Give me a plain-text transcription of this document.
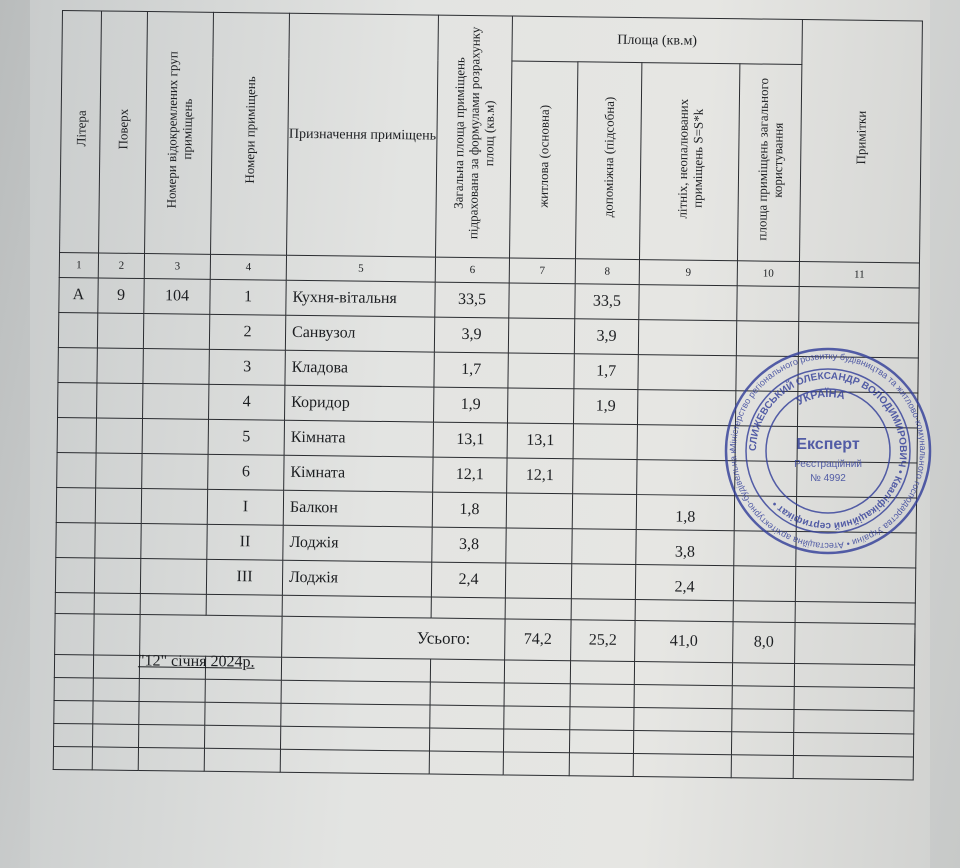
Літера	Поверх	Номери відокремлених груп приміщень	Номери приміщень	Призначення приміщень	Загальна площа приміщень підрахована за формулами розрахунку площ (кв.м)	Площа (кв.м)				Примітки	
						житлова (основна)	допоміжна (підсобна)	літніх, неопалюваних приміщень S=S*k	площа приміщень загального користування		
1	2	3	4	5	6	7	8	9	10	11	
А	9	104	1	Кухня-вітальня	33,5		33,5				
			2	Санвузол	3,9		3,9				
			3	Кладова	1,7		1,7				
			4	Коридор	1,9		1,9				
			5	Кімната	13,1	13,1					
			6	Кімната	12,1	12,1					
			I	Балкон	1,8			1,8			
			II	Лоджія	3,8			3,8			
			III	Лоджія	2,4			2,4			

				Усього:		74,2	25,2	41,0	8,0		

"12" січня 2024р.
Міністерство регіонального розвитку будівництва та житлово-комунального господарства України • Атестаційна архітектурно-будівельна к
СЛИЖЕВСЬКИЙ ОЛЕКСАНДР ВОЛОДИМИРОВИЧ • Кваліфікаційний сертифікат •
УКРАЇНА
Експерт
Реєстраційний
№ 4992
